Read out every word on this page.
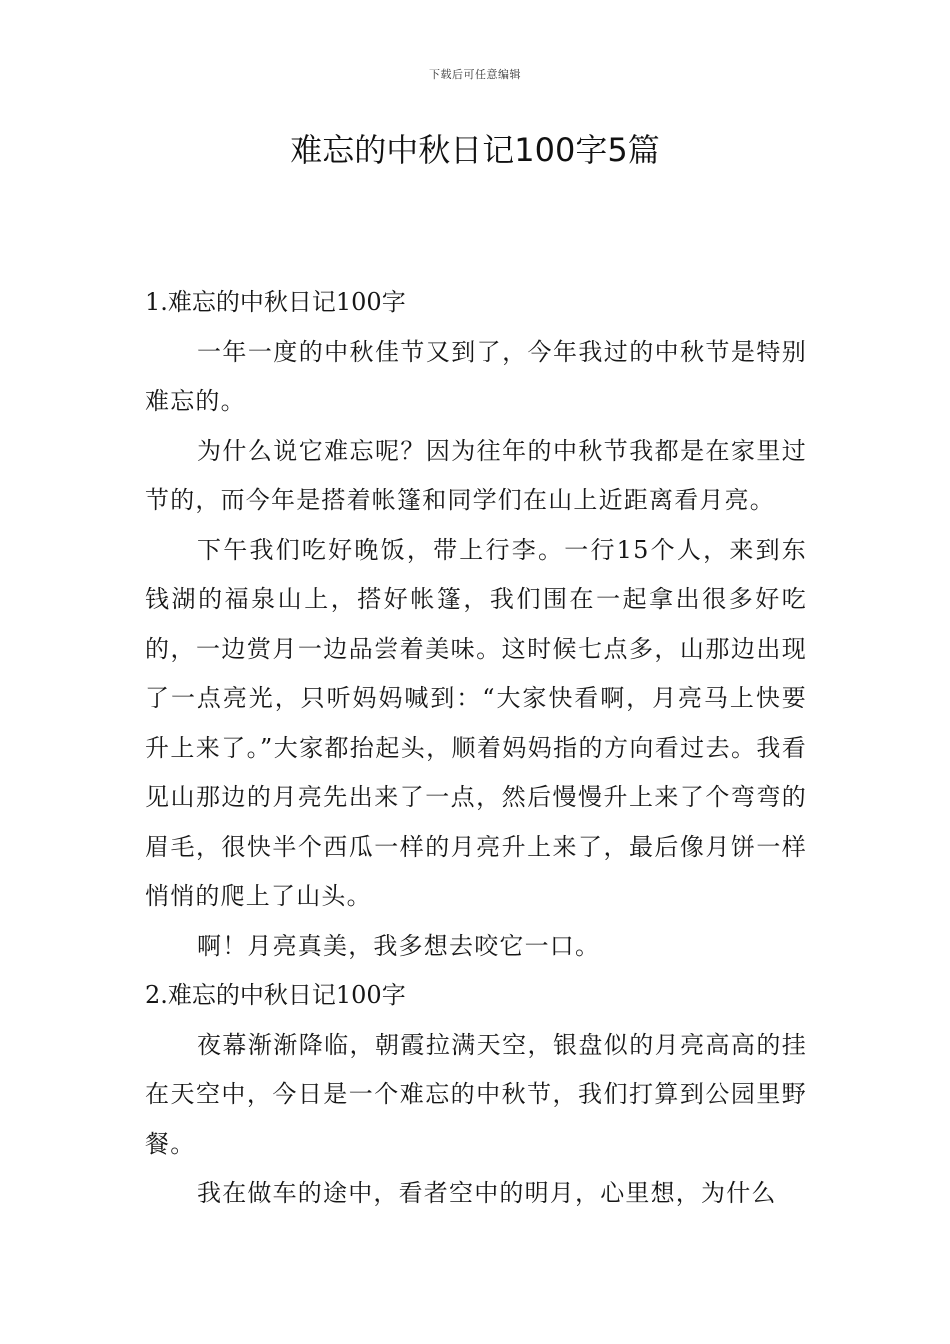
下载后可任意编辑
难忘的中秋日记100字5篇

1.难忘的中秋日记100字

一年一度的中秋佳节又到了，今年我过的中秋节是特别难忘的。

为什么说它难忘呢？因为往年的中秋节我都是在家里过节的，而今年是搭着帐篷和同学们在山上近距离看月亮。

下午我们吃好晚饭，带上行李。一行15个人，来到东钱湖的福泉山上，搭好帐篷，我们围在一起拿出很多好吃的，一边赏月一边品尝着美味。这时候七点多，山那边出现了一点亮光，只听妈妈喊到：“大家快看啊，月亮马上快要升上来了。”大家都抬起头，顺着妈妈指的方向看过去。我看见山那边的月亮先出来了一点，然后慢慢升上来了个弯弯的眉毛，很快半个西瓜一样的月亮升上来了，最后像月饼一样悄悄的爬上了山头。

啊！月亮真美，我多想去咬它一口。

2.难忘的中秋日记100字

夜幕渐渐降临，朝霞拉满天空，银盘似的月亮高高的挂在天空中，今日是一个难忘的中秋节，我们打算到公园里野餐。

我在做车的途中，看者空中的明月，心里想，为什么
